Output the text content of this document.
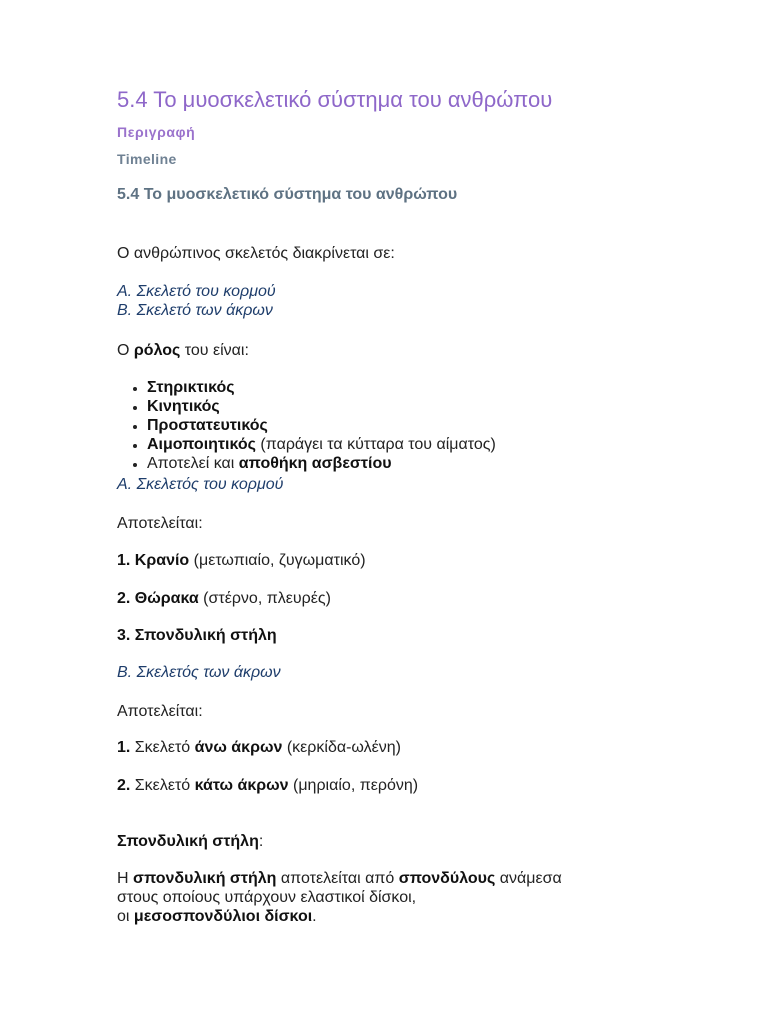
5.4 Το μυοσκελετικό σύστημα του ανθρώπου
Περιγραφή
Timeline
5.4 Το μυοσκελετικό σύστημα του ανθρώπου
Ο ανθρώπινος σκελετός διακρίνεται σε:
Α. Σκελετό του κορμού
Β. Σκελετό των άκρων
Ο ρόλος του είναι:
• Στηρικτικός
• Κινητικός
• Προστατευτικός
• Αιμοποιητικός (παράγει τα κύτταρα του αίματος)
• Αποτελεί και αποθήκη ασβεστίου
Α. Σκελετός του κορμού
Αποτελείται:
1. Κρανίο (μετωπιαίο, ζυγωματικό)
2. Θώρακα (στέρνο, πλευρές)
3. Σπονδυλική στήλη
Β. Σκελετός των άκρων
Αποτελείται:
1. Σκελετό άνω άκρων (κερκίδα-ωλένη)
2. Σκελετό κάτω άκρων (μηριαίο, περόνη)
Σπονδυλική στήλη:
Η σπονδυλική στήλη αποτελείται από σπονδύλους ανάμεσα
στους οποίους υπάρχουν ελαστικοί δίσκοι,
οι μεσοσπονδύλιοι δίσκοι.
